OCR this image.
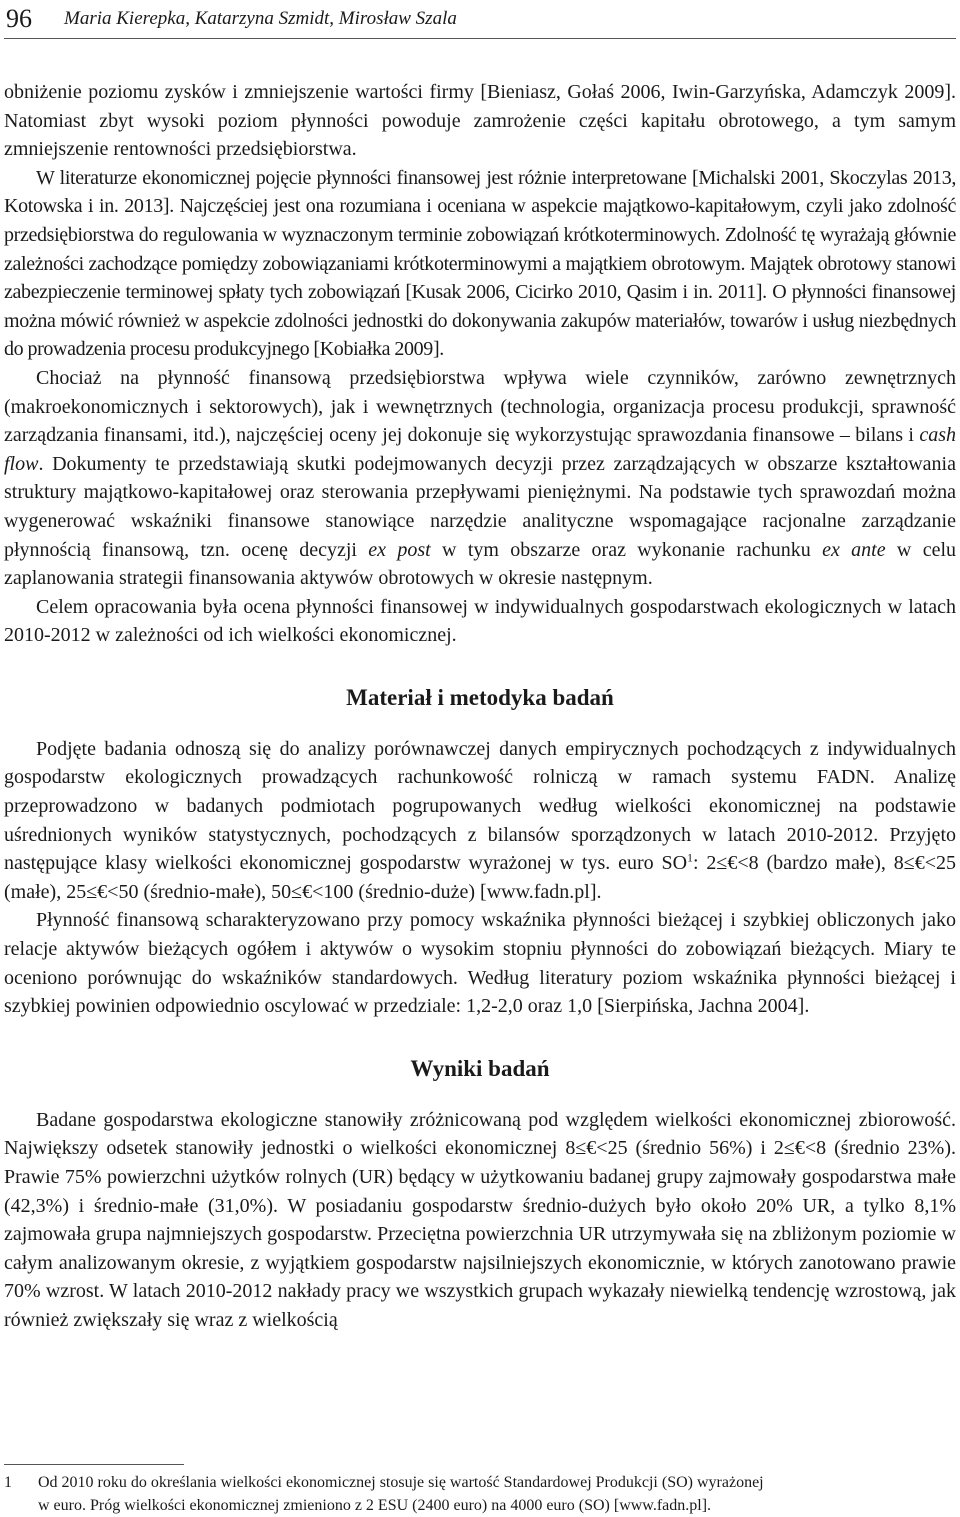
96	Maria Kierepka, Katarzyna Szmidt, Mirosław Szala

obniżenie poziomu zysków i zmniejszenie wartości firmy [Bieniasz, Gołaś 2006, Iwin-Garzyńska, Adamczyk 2009]. Natomiast zbyt wysoki poziom płynności powoduje zamrożenie części kapitału obrotowego, a tym samym zmniejszenie rentowności przedsiębiorstwa.

W literaturze ekonomicznej pojęcie płynności finansowej jest różnie interpretowane [Michalski 2001, Skoczylas 2013, Kotowska i in. 2013]. Najczęściej jest ona rozumiana i oceniana w aspekcie majątkowo-kapitałowym, czyli jako zdolność przedsiębiorstwa do regulowania w wyznaczonym terminie zobowiązań krótkoterminowych. Zdolność tę wyrażają głównie zależności zachodzące pomiędzy zobowiązaniami krótkoterminowymi a majątkiem obrotowym. Majątek obrotowy stanowi zabezpieczenie terminowej spłaty tych zobowiązań [Kusak 2006, Cicirko 2010, Qasim i in. 2011]. O płynności finansowej można mówić również w aspekcie zdolności jednostki do dokonywania zakupów materiałów, towarów i usług niezbędnych do prowadzenia procesu produkcyjnego [Kobiałka 2009].

Chociaż na płynność finansową przedsiębiorstwa wpływa wiele czynników, zarówno zewnętrznych (makroekonomicznych i sektorowych), jak i wewnętrznych (technologia, organizacja procesu produkcji, sprawność zarządzania finansami, itd.), najczęściej oceny jej dokonuje się wykorzystując sprawozdania finansowe – bilans i cash flow. Dokumenty te przedstawiają skutki podejmowanych decyzji przez zarządzających w obszarze kształtowania struktury majątkowo-kapitałowej oraz sterowania przepływami pieniężnymi. Na podstawie tych sprawozdań można wygenerować wskaźniki finansowe stanowiące narzędzie analityczne wspomagające racjonalne zarządzanie płynnością finansową, tzn. ocenę decyzji ex post w tym obszarze oraz wykonanie rachunku ex ante w celu zaplanowania strategii finansowania aktywów obrotowych w okresie następnym.

Celem opracowania była ocena płynności finansowej w indywidualnych gospodarstwach ekologicznych w latach 2010-2012 w zależności od ich wielkości ekonomicznej.

Materiał i metodyka badań

Podjęte badania odnoszą się do analizy porównawczej danych empirycznych pochodzących z indywidualnych gospodarstw ekologicznych prowadzących rachunkowość rolniczą w ramach systemu FADN. Analizę przeprowadzono w badanych podmiotach pogrupowanych według wielkości ekonomicznej na podstawie uśrednionych wyników statystycznych, pochodzących z bilansów sporządzonych w latach 2010-2012. Przyjęto następujące klasy wielkości ekonomicznej gospodarstw wyrażonej w tys. euro $SO^1$: 2≤€<8 (bardzo małe), 8≤€<25 (małe), 25≤€<50 (średnio-małe), 50≤€<100 (średnio-duże) [www.fadn.pl].

Płynność finansową scharakteryzowano przy pomocy wskaźnika płynności bieżącej i szybkiej obliczonych jako relacje aktywów bieżących ogółem i aktywów o wysokim stopniu płynności do zobowiązań bieżących. Miary te oceniono porównując do wskaźników standardowych. Według literatury poziom wskaźnika płynności bieżącej i szybkiej powinien odpowiednio oscylować w przedziale: 1,2-2,0 oraz 1,0 [Sierpińska, Jachna 2004].

Wyniki badań

Badane gospodarstwa ekologiczne stanowiły zróżnicowaną pod względem wielkości ekonomicznej zbiorowość. Największy odsetek stanowiły jednostki o wielkości ekonomicznej 8≤€<25 (średnio 56%) i 2≤€<8 (średnio 23%). Prawie 75% powierzchni użytków rolnych (UR) będący w użytkowaniu badanej grupy zajmowały gospodarstwa małe (42,3%) i średnio-małe (31,0%). W posiadaniu gospodarstw średnio-dużych było około 20% UR, a tylko 8,1% zajmowała grupa najmniejszych gospodarstw. Przeciętna powierzchnia UR utrzymywała się na zbliżonym poziomie w całym analizowanym okresie, z wyjątkiem gospodarstw najsilniejszych ekonomicznie, w których zanotowano prawie 70% wzrost. W latach 2010-2012 nakłady pracy we wszystkich grupach wykazały niewielką tendencję wzrostową, jak również zwiększały się wraz z wielkością

1 Od 2010 roku do określania wielkości ekonomicznej stosuje się wartość Standardowej Produkcji (SO) wyrażonej
w euro. Próg wielkości ekonomicznej zmieniono z 2 ESU (2400 euro) na 4000 euro (SO) [www.fadn.pl].
